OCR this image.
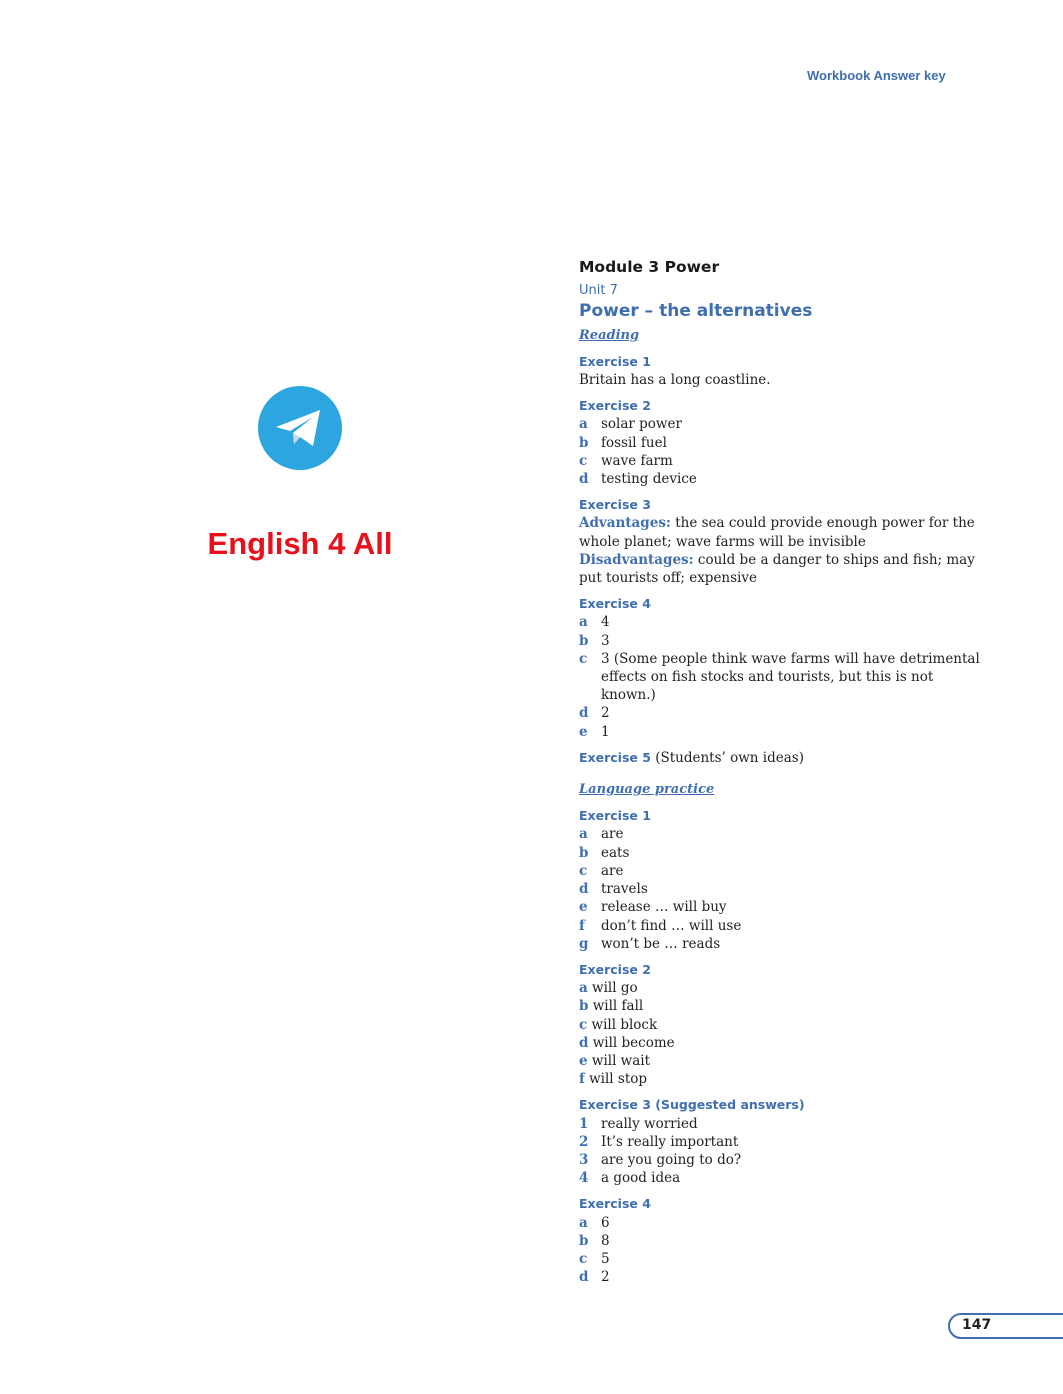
Workbook Answer key
English 4 All
Module 3 Power
Unit 7
Power – the alternatives
Reading
Exercise 1
Britain has a long coastline.
Exercise 2
a solar power
b fossil fuel
c	wave farm
d testing device
Exercise 3
Advantages: the sea could provide enough power for the whole planet; wave farms will be invisible
Disadvantages: could be a danger to ships and fish; may put tourists off; expensive
Exercise 4
a 4
b 3
c	3 (Some people think wave farms will have detrimental effects on fish stocks and tourists, but this is not known.)
d 2
e 1
Exercise 5 (Students’ own ideas)
Language practice
Exercise 1
a are
b eats
c	are
d travels
e release … will buy
f	don’t find … will use
g won’t be … reads
Exercise 2
a will go
b will fall
c will block
d will become
e will wait
f will stop
Exercise 3 (Suggested answers)
1 really worried
2 It’s really important
3 are you going to do?
4 a good idea
Exercise 4
a 6
b 8
c	5
d 2
147
